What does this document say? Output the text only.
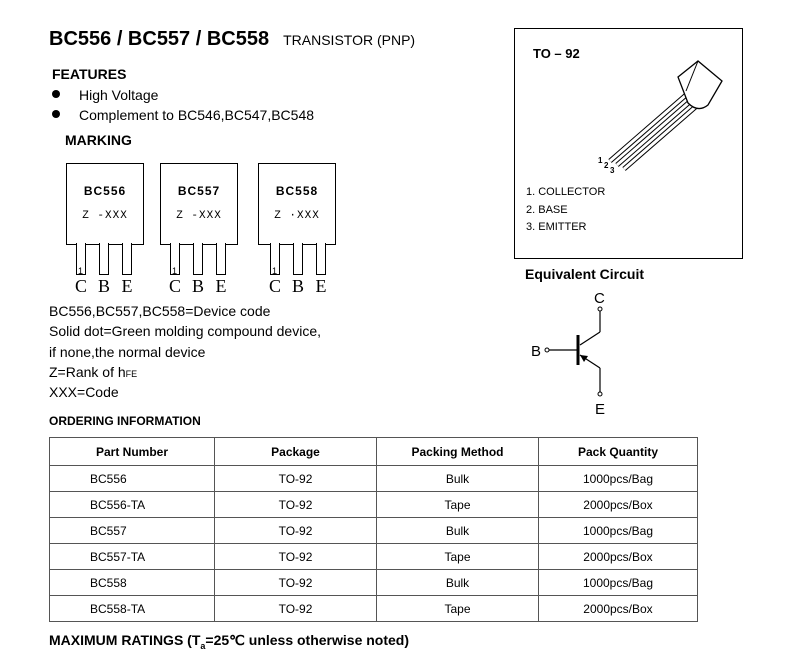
BC556 / BC557 / BC558 TRANSISTOR (PNP)
FEATURES
High Voltage
Complement to BC546,BC547,BC548
MARKING
BC556
Z -XXX
BC557
Z -XXX
BC558
Z ·XXX
1	1	1
C B E C B E C B E
BC556,BC557,BC558=Device code
Solid dot=Green molding compound device,
if none,the normal device
Z=Rank of hFE
XXX=Code
TO – 92
1
2
3
1. COLLECTOR
2. BASE
3. EMITTER
Equivalent Circuit
C
B
E
ORDERING INFORMATION
Part Number	Package	Packing Method	Pack Quantity
BC556	TO-92	Bulk	1000pcs/Bag
BC556-TA	TO-92	Tape	2000pcs/Box
BC557	TO-92	Bulk	1000pcs/Bag
BC557-TA	TO-92	Tape	2000pcs/Box
BC558	TO-92	Bulk	1000pcs/Bag
BC558-TA	TO-92	Tape	2000pcs/Box
MAXIMUM RATINGS ($T_a=25℃$ unless otherwise noted)
